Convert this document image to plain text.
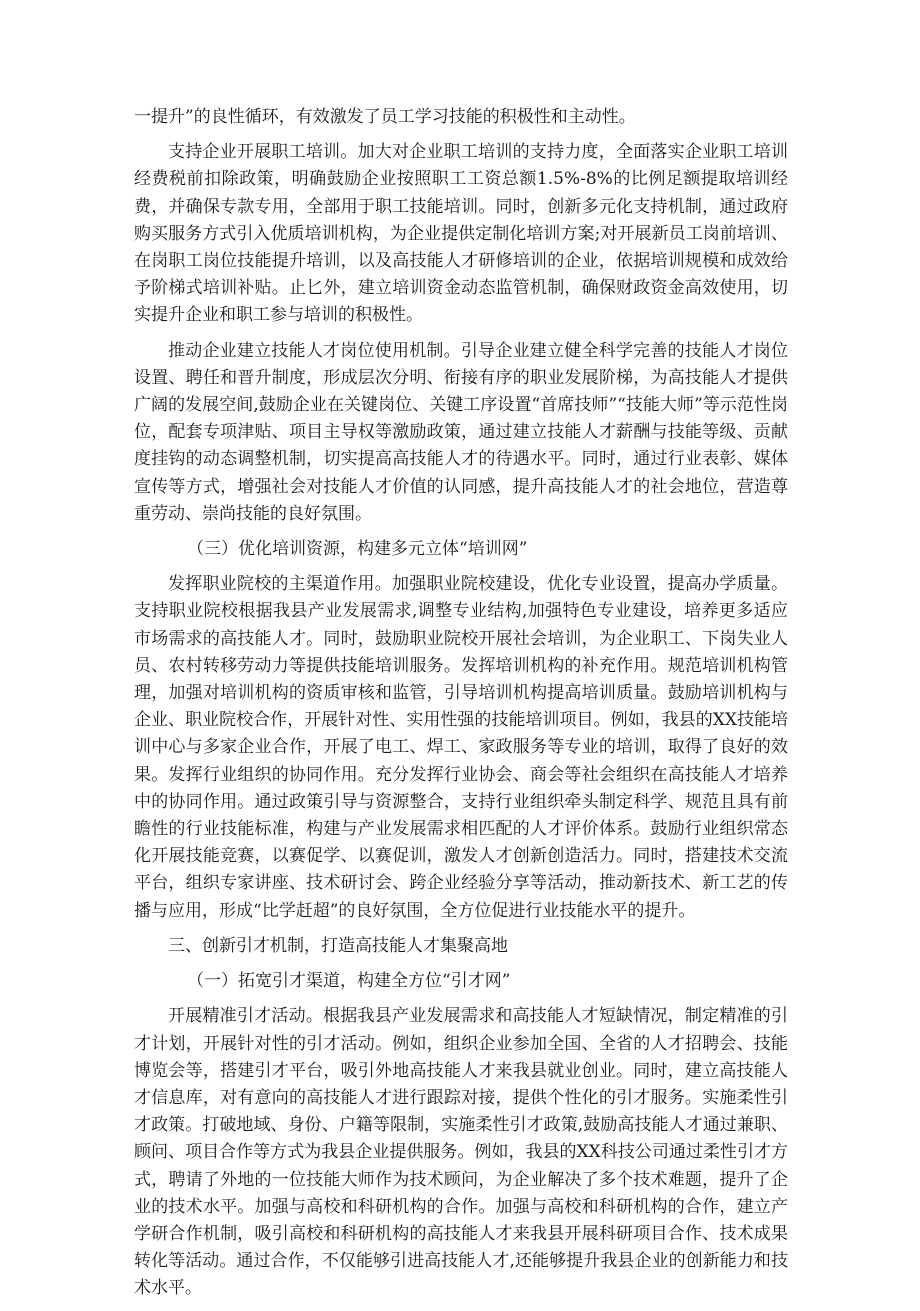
一提升”的良性循环，有效激发了员工学习技能的积极性和主动性。

支持企业开展职工培训。加大对企业职工培训的支持力度，全面落实企业职工培训经费税前扣除政策，明确鼓励企业按照职工工资总额1.5%-8%的比例足额提取培训经费，并确保专款专用，全部用于职工技能培训。同时，创新多元化支持机制，通过政府购买服务方式引入优质培训机构，为企业提供定制化培训方案;对开展新员工岗前培训、在岗职工岗位技能提升培训，以及高技能人才研修培训的企业，依据培训规模和成效给予阶梯式培训补贴。止匕外，建立培训资金动态监管机制，确保财政资金高效使用，切实提升企业和职工参与培训的积极性。

推动企业建立技能人才岗位使用机制。引导企业建立健全科学完善的技能人才岗位设置、聘任和晋升制度，形成层次分明、衔接有序的职业发展阶梯，为高技能人才提供广阔的发展空间,鼓励企业在关键岗位、关键工序设置“首席技师”“技能大师”等示范性岗位，配套专项津贴、项目主导权等激励政策，通过建立技能人才薪酬与技能等级、贡献度挂钩的动态调整机制，切实提高高技能人才的待遇水平。同时，通过行业表彰、媒体宣传等方式，增强社会对技能人才价值的认同感，提升高技能人才的社会地位，营造尊重劳动、崇尚技能的良好氛围。

（三）优化培训资源，构建多元立体“培训网”

发挥职业院校的主渠道作用。加强职业院校建设，优化专业设置，提高办学质量。支持职业院校根据我县产业发展需求,调整专业结构,加强特色专业建设，培养更多适应市场需求的高技能人才。同时，鼓励职业院校开展社会培训，为企业职工、下岗失业人员、农村转移劳动力等提供技能培训服务。发挥培训机构的补充作用。规范培训机构管理，加强对培训机构的资质审核和监管，引导培训机构提高培训质量。鼓励培训机构与企业、职业院校合作，开展针对性、实用性强的技能培训项目。例如，我县的XX技能培训中心与多家企业合作，开展了电工、焊工、家政服务等专业的培训，取得了良好的效果。发挥行业组织的协同作用。充分发挥行业协会、商会等社会组织在高技能人才培养中的协同作用。通过政策引导与资源整合，支持行业组织牵头制定科学、规范且具有前瞻性的行业技能标准，构建与产业发展需求相匹配的人才评价体系。鼓励行业组织常态化开展技能竞赛，以赛促学、以赛促训，激发人才创新创造活力。同时，搭建技术交流平台，组织专家讲座、技术研讨会、跨企业经验分享等活动，推动新技术、新工艺的传播与应用，形成“比学赶超”的良好氛围，全方位促进行业技能水平的提升。

三、创新引才机制，打造高技能人才集聚高地

（一）拓宽引才渠道，构建全方位“引才网”

开展精准引才活动。根据我县产业发展需求和高技能人才短缺情况，制定精准的引才计划，开展针对性的引才活动。例如，组织企业参加全国、全省的人才招聘会、技能博览会等，搭建引才平台，吸引外地高技能人才来我县就业创业。同时，建立高技能人才信息库，对有意向的高技能人才进行跟踪对接，提供个性化的引才服务。实施柔性引才政策。打破地域、身份、户籍等限制，实施柔性引才政策,鼓励高技能人才通过兼职、顾问、项目合作等方式为我县企业提供服务。例如，我县的XX科技公司通过柔性引才方式，聘请了外地的一位技能大师作为技术顾问，为企业解决了多个技术难题，提升了企业的技术水平。加强与高校和科研机构的合作。加强与高校和科研机构的合作，建立产学研合作机制，吸引高校和科研机构的高技能人才来我县开展科研项目合作、技术成果转化等活动。通过合作，不仅能够引进高技能人才,还能够提升我县企业的创新能力和技术水平。
